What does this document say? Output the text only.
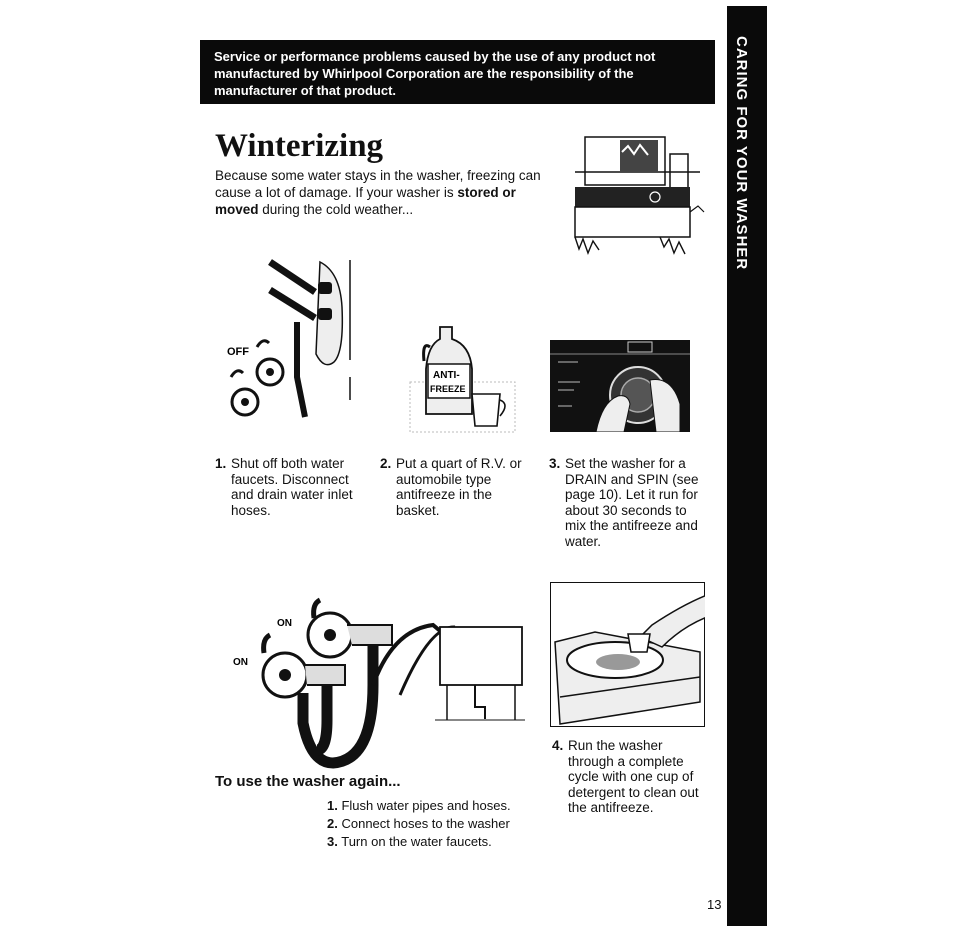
Service or performance problems caused by the use of any product not manufactured by Whirlpool Corporation are the responsibility of the manufacturer of that product.	CARING FOR YOUR WASHER
Winterizing
Because some water stays in the washer, freezing can cause a lot of damage. If your washer is stored or moved during the cold weather...
OFF
ANTI-
FREEZE
1. Shut off both water faucets. Disconnect and drain water inlet hoses.
2. Put a quart of R.V. or automobile type antifreeze in the basket.
3. Set the washer for a DRAIN and SPIN (see page 10). Let it run for about 30 seconds to mix the antifreeze and water.
ON
ON
4. Run the washer through a complete cycle with one cup of detergent to clean out the antifreeze.
To use the washer again...
1. Flush water pipes and hoses.
2. Connect hoses to the washer
3. Turn on the water faucets.
13
